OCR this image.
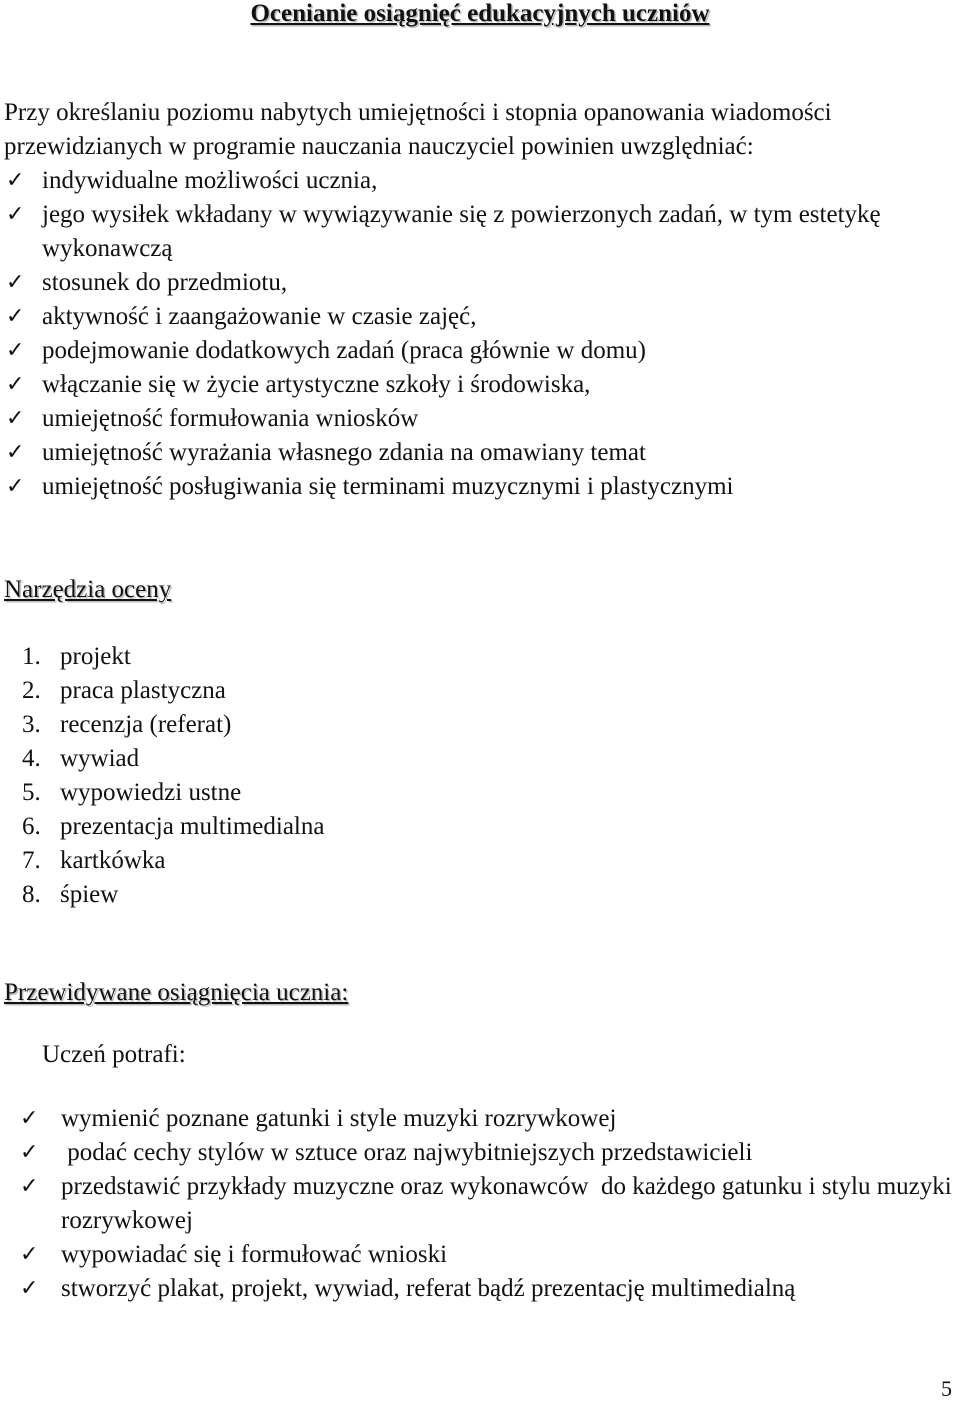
Ocenianie osiągnięć edukacyjnych uczniów

Przy określaniu poziomu nabytych umiejętności i stopnia opanowania wiadomości przewidzianych w programie nauczania nauczyciel powinien uwzględniać:

✓ indywidualne możliwości ucznia,
✓ jego wysiłek wkładany w wywiązywanie się z powierzonych zadań, w tym estetykę wykonawczą
✓ stosunek do przedmiotu,
✓ aktywność i zaangażowanie w czasie zajęć,
✓ podejmowanie dodatkowych zadań (praca głównie w domu)
✓ włączanie się w życie artystyczne szkoły i środowiska,
✓ umiejętność formułowania wniosków
✓ umiejętność wyrażania własnego zdania na omawiany temat
✓ umiejętność posługiwania się terminami muzycznymi i plastycznymi
Narzędzia oceny
1. projekt
2. praca plastyczna
3. recenzja (referat)
4. wywiad
5. wypowiedzi ustne
6. prezentacja multimedialna
7. kartkówka
8. śpiew
Przewidywane osiągnięcia ucznia:
Uczeń potrafi:
✓ wymienić poznane gatunki i style muzyki rozrywkowej
✓ podać cechy stylów w sztuce oraz najwybitniejszych przedstawicieli
✓ przedstawić przykłady muzyczne oraz wykonawców  do każdego gatunku i stylu muzyki rozrywkowej
✓ wypowiadać się i formułować wnioski
✓ stworzyć plakat, projekt, wywiad, referat bądź prezentację multimedialną
5
